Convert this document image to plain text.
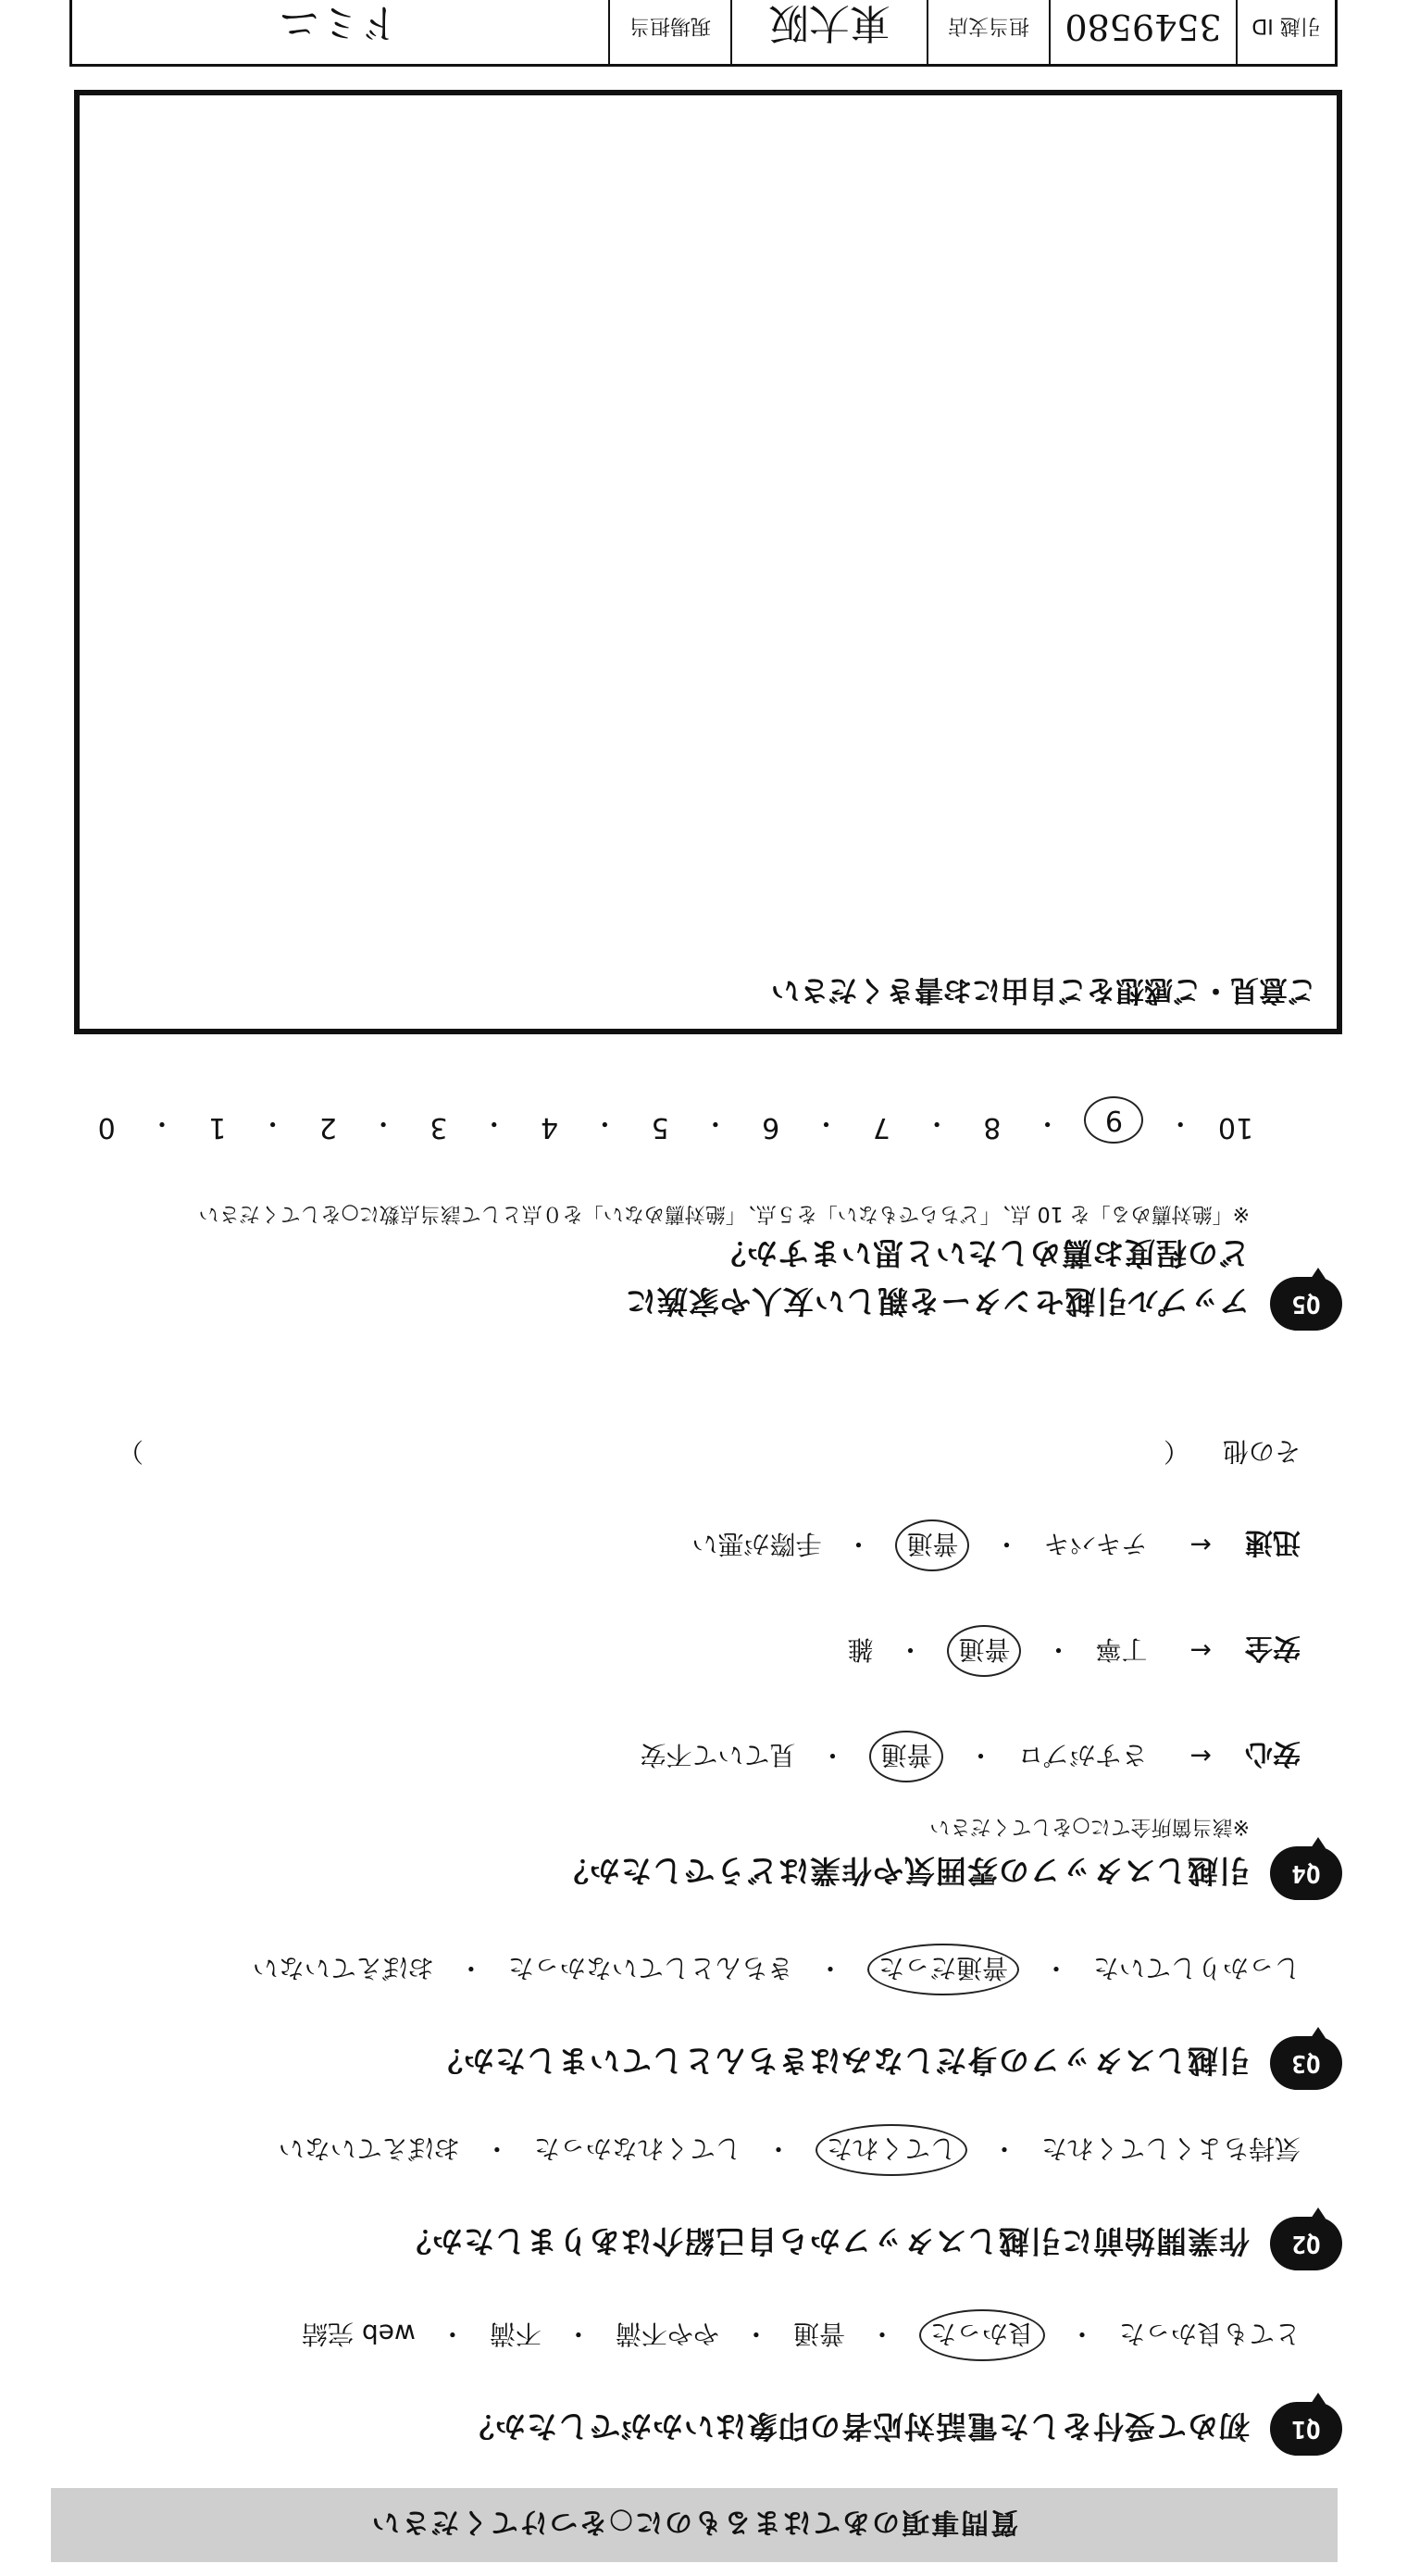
質問事項のあてはまるものに○をつけてください
Q1
初めて受付をした電話対応者の印象はいかがでしたか？
とても良かった
・
良かった
・
普通
・
やや不満
・
不満
・
web 完結
Q2
作業開始前に引越しスタッフから自己紹介はありましたか？
気持ちよくしてくれた
・
してくれた
・
してくれなかった
・
おぼえていない
Q3
引越しスタッフの身だしなみはきちんとしていましたか？
しっかりしていた
・
普通だった
・
きちんとしていなかった
・
おぼえていない
Q4
引越しスタッフの雰囲気や作業はどうでしたか？
※該当箇所全てに○をしてください
安心
←
さすがプロ
・
普通
・
見ていて不安
安全
←
丁寧
・
普通
・
雑
迅速
←
テキパキ
・
普通
・
手際が悪い
その他
（
）
Q5
アップル引越センターを親しい友人や家族に
どの程度お薦めしたいと思いますか？
※「絶対薦める」を 10 点、「どちらでもない」を５点、「絶対薦めない」を０点として該当点数に○をしてください
10
・
9
・
8
・
7
・
6
・
5
・
4
・
3
・
2
・
1
・
0
ご意見・ご感想をご自由にお書きください
引越 ID
3549580
担当支店
東大阪
現場担当
ドミニ
